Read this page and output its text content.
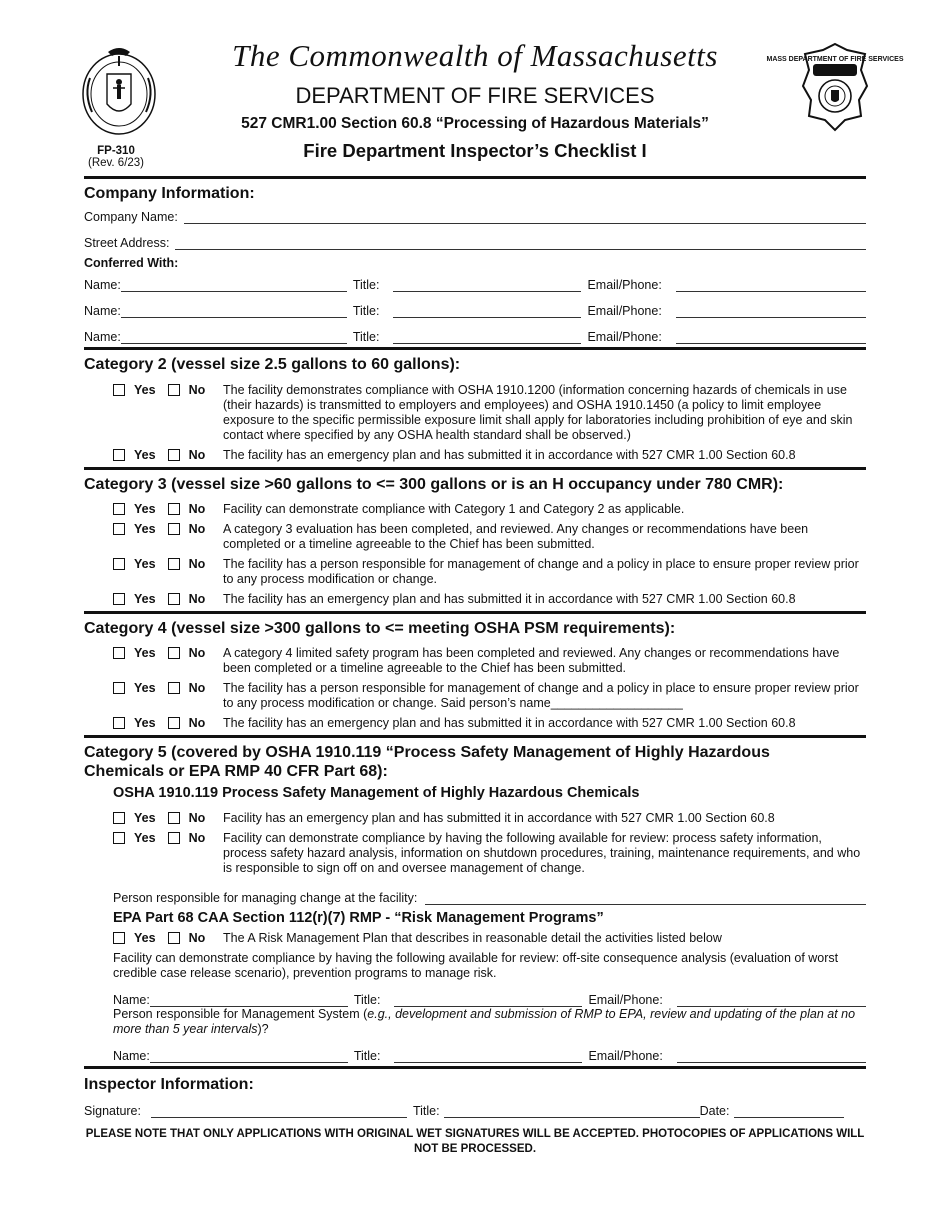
The Commonwealth of Massachusetts
DEPARTMENT OF FIRE SERVICES
527 CMR1.00 Section 60.8 “Processing of Hazardous Materials”
Fire Department Inspector’s Checklist I
FP-310
(Rev. 6/23)
MASS DEPARTMENT OF FIRE SERVICES
Company Information:
Company Name:
Street Address:
Conferred With:
Name:	Title:	Email/Phone:
Name:	Title:	Email/Phone:
Name:	Title:	Email/Phone:
Category 2 (vessel size 2.5 gallons to 60 gallons):
Yes	No The facility demonstrates compliance with OSHA 1910.1200 (information concerning hazards of chemicals in use (their hazards) is transmitted to employers and employees) and OSHA 1910.1450 (a policy to limit employee exposure to the specific permissible exposure limit shall apply for laboratories including prohibition of eye and skin contact where specified by any OSHA health standard shall be observed.)
Yes	No The facility has an emergency plan and has submitted it in accordance with 527 CMR 1.00 Section 60.8
Category 3 (vessel size >60 gallons to <= 300 gallons or is an H occupancy under 780 CMR):
Yes	No Facility can demonstrate compliance with Category 1 and Category 2 as applicable.
Yes	No A category 3 evaluation has been completed, and reviewed. Any changes or recommendations have been completed or a timeline agreeable to the Chief has been submitted.
Yes	No The facility has a person responsible for management of change and a policy in place to ensure proper review prior to any process modification or change.
Yes	No The facility has an emergency plan and has submitted it in accordance with 527 CMR 1.00 Section 60.8
Category 4 (vessel size >300 gallons to <= meeting OSHA PSM requirements):
Yes	No A category 4 limited safety program has been completed and reviewed. Any changes or recommendations have been completed or a timeline agreeable to the Chief has been submitted.
Yes	No The facility has a person responsible for management of change and a policy in place to ensure proper review prior to any process modification or change. Said person’s name___________________
Yes	No The facility has an emergency plan and has submitted it in accordance with 527 CMR 1.00 Section 60.8
Category 5 (covered by OSHA 1910.119 “Process Safety Management of Highly Hazardous
Chemicals or EPA RMP 40 CFR Part 68):
OSHA 1910.119 Process Safety Management of Highly Hazardous Chemicals
Yes	No Facility has an emergency plan and has submitted it in accordance with 527 CMR 1.00 Section 60.8
Yes	No Facility can demonstrate compliance by having the following available for review: process safety information, process safety hazard analysis, information on shutdown procedures, training, maintenance requirements, and who is responsible to sign off on and oversee management of change.
Person responsible for managing change at the facility:
EPA Part 68 CAA Section 112(r)(7) RMP - “Risk Management Programs”
Yes	No The A Risk Management Plan that describes in reasonable detail the activities listed below
Facility can demonstrate compliance by having the following available for review: off-site consequence analysis (evaluation of worst credible case release scenario), prevention programs to manage risk.
Name:	Title:	Email/Phone:
Person responsible for Management System (e.g., development and submission of RMP to EPA, review and updating of the plan at no more than 5 year intervals)?
Name:	Title:	Email/Phone:
Inspector Information:
Signature:	Title:	Date:
PLEASE NOTE THAT ONLY APPLICATIONS WITH ORIGINAL WET SIGNATURES WILL BE ACCEPTED. PHOTOCOPIES OF APPLICATIONS WILL NOT BE PROCESSED.
